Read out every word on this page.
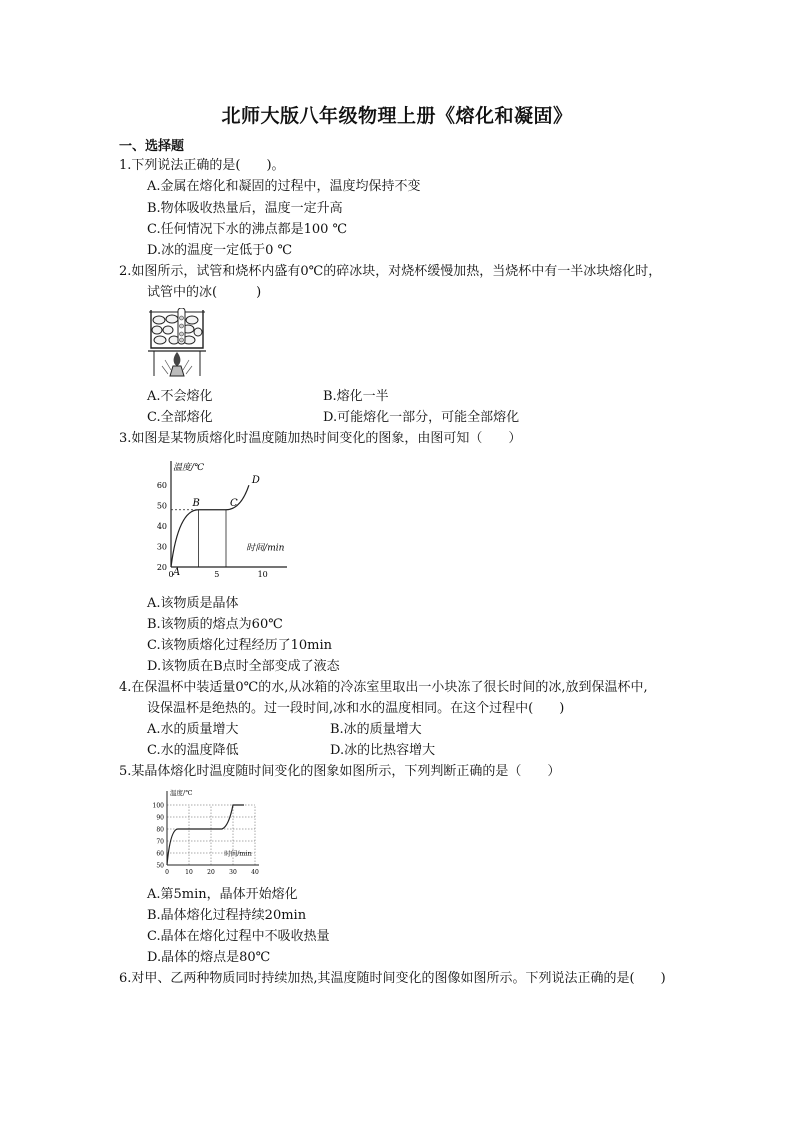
北师大版八年级物理上册《熔化和凝固》
一、选择题
1.下列说法正确的是(　　)。
A.金属在熔化和凝固的过程中，温度均保持不变
B.物体吸收热量后，温度一定升高
C.任何情况下水的沸点都是100 ℃
D.冰的温度一定低于0 ℃
2.如图所示，试管和烧杯内盛有0℃的碎冰块，对烧杯缓慢加热，当烧杯中有一半冰块熔化时，
试管中的冰(　　　)
A.不会熔化	B.熔化一半
C.全部熔化	D.可能熔化一部分，可能全部熔化
3.如图是某物质熔化时温度随加热时间变化的图象，由图可知（　　）
温度/℃
时间/min
20
30
40
50
60
0	5	10
A
B	C
D
A.该物质是晶体
B.该物质的熔点为60℃
C.该物质熔化过程经历了10min
D.该物质在B点时全部变成了液态
4.在保温杯中装适量0℃的水,从冰箱的冷冻室里取出一小块冻了很长时间的冰,放到保温杯中,
设保温杯是绝热的。过一段时间,冰和水的温度相同。在这个过程中(　　)
A.水的质量增大	B.冰的质量增大
C.水的温度降低	D.冰的比热容增大
5.某晶体熔化时温度随时间变化的图象如图所示，下列判断正确的是（　　）
50
60
70
80
90
100
0	10 20 30 40
温度/℃
时间/min
A.第5min，晶体开始熔化
B.晶体熔化过程持续20min
C.晶体在熔化过程中不吸收热量
D.晶体的熔点是80℃
6.对甲、乙两种物质同时持续加热,其温度随时间变化的图像如图所示。下列说法正确的是(　　)
